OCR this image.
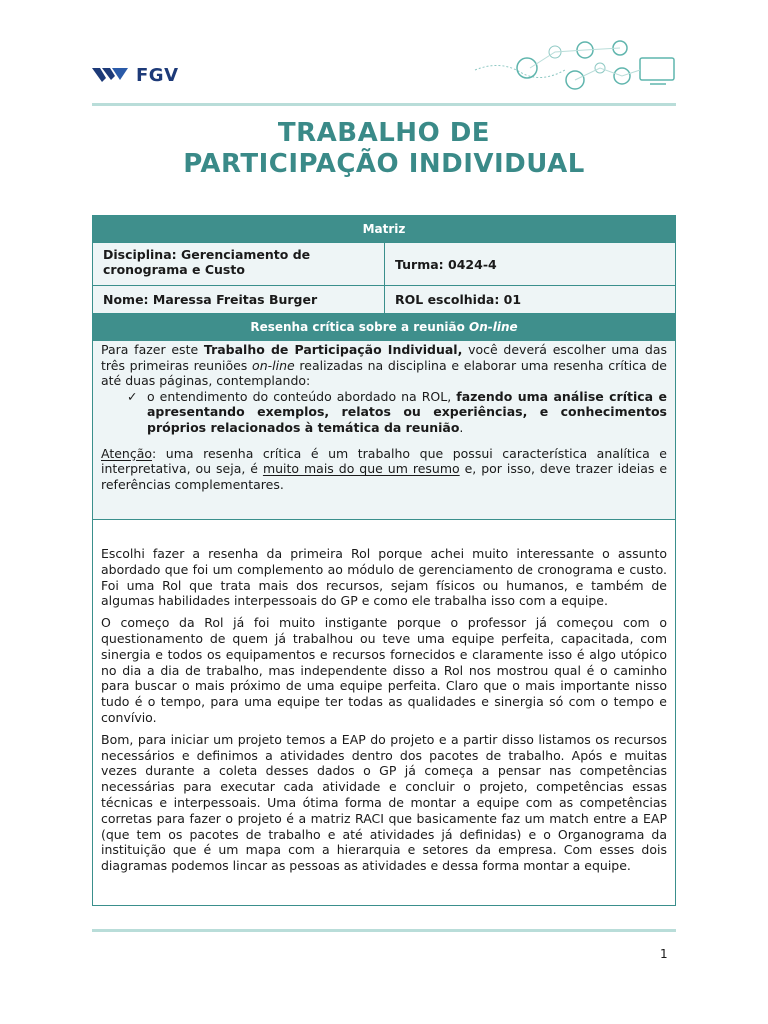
FGV
TRABALHO DE
PARTICIPAÇÃO INDIVIDUAL
Matriz
Disciplina: Gerenciamento de cronograma e Custo	Turma: 0424-4
Nome: Maressa Freitas Burger	ROL escolhida: 01
Resenha crítica sobre a reunião On-line

Para fazer este Trabalho de Participação Individual, você deverá escolher uma das três primeiras reuniões on-line realizadas na disciplina e elaborar uma resenha crítica de até duas páginas, contemplando:

✓ o entendimento do conteúdo abordado na ROL, fazendo uma análise crítica e apresentando exemplos, relatos ou experiências, e conhecimentos próprios relacionados à temática da reunião.

Atenção: uma resenha crítica é um trabalho que possui característica analítica e interpretativa, ou seja, é muito mais do que um resumo e, por isso, deve trazer ideias e referências complementares.

Escolhi fazer a resenha da primeira Rol porque achei muito interessante o assunto abordado que foi um complemento ao módulo de gerenciamento de cronograma e custo. Foi uma Rol que trata mais dos recursos, sejam físicos ou humanos, e também de algumas habilidades interpessoais do GP e como ele trabalha isso com a equipe.

O começo da Rol já foi muito instigante porque o professor já começou com o questionamento de quem já trabalhou ou teve uma equipe perfeita, capacitada, com sinergia e todos os equipamentos e recursos fornecidos e claramente isso é algo utópico no dia a dia de trabalho, mas independente disso a Rol nos mostrou qual é o caminho para buscar o mais próximo de uma equipe perfeita. Claro que o mais importante nisso tudo é o tempo, para uma equipe ter todas as qualidades e sinergia só com o tempo e convívio.

Bom, para iniciar um projeto temos a EAP do projeto e a partir disso listamos os recursos necessários e definimos a atividades dentro dos pacotes de trabalho. Após e muitas vezes durante a coleta desses dados o GP já começa a pensar nas competências necessárias para executar cada atividade e concluir o projeto, competências essas técnicas e interpessoais. Uma ótima forma de montar a equipe com as competências corretas para fazer o projeto é a matriz RACI que basicamente faz um match entre a EAP (que tem os pacotes de trabalho e até atividades já definidas) e o Organograma da instituição que é um mapa com a hierarquia e setores da empresa. Com esses dois diagramas podemos lincar as pessoas as atividades e dessa forma montar a equipe.

1
